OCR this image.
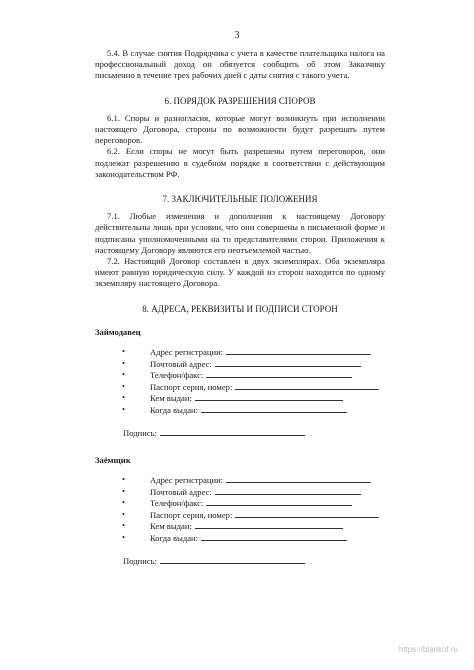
3

5.4. В случае снятия Подрядчика с учета в качестве плательщика налога на профессиональный доход он обязуется сообщить об этом Заказчику письменно в течение трех рабочих дней с даты снятия с такого учета.

6. ПОРЯДОК РАЗРЕШЕНИЯ СПОРОВ

6.1. Споры и разногласия, которые могут возникнуть при исполнении настоящего Договора, стороны по возможности будут разрешать путем переговоров.

6.2. Если споры не могут быть разрешены путем переговоров, они подлежат разрешению в судебном порядке в соответствии с действующим законодательством РФ.

7. ЗАКЛЮЧИТЕЛЬНЫЕ ПОЛОЖЕНИЯ

7.1. Любые изменения и дополнения к настоящему Договору действительны лишь при условии, что они совершены в письменной форме и подписаны уполномоченными на то представителями сторон. Приложения к настоящему Договору являются его неотъемлемой частью.

7.2. Настоящий Договор составлен в двух экземплярах. Оба экземпляра имеют равную юридическую силу. У каждой из сторон находится по одному экземпляру настоящего Договора.

8. АДРЕСА, РЕКВИЗИТЫ И ПОДПИСИ СТОРОН

Займодавец
•	Адрес регистрации:
•	Почтовый адрес:
•	Телефон/факс:
•	Паспорт серия, номер:
•	Кем выдан:
•	Когда выдан:
Подпись:
Заёмщик
•	Адрес регистрации:
•	Почтовый адрес:
•	Телефон/факс:
•	Паспорт серия, номер:
•	Кем выдан:
•	Когда выдан:
Подпись:
https://blankof.ru
